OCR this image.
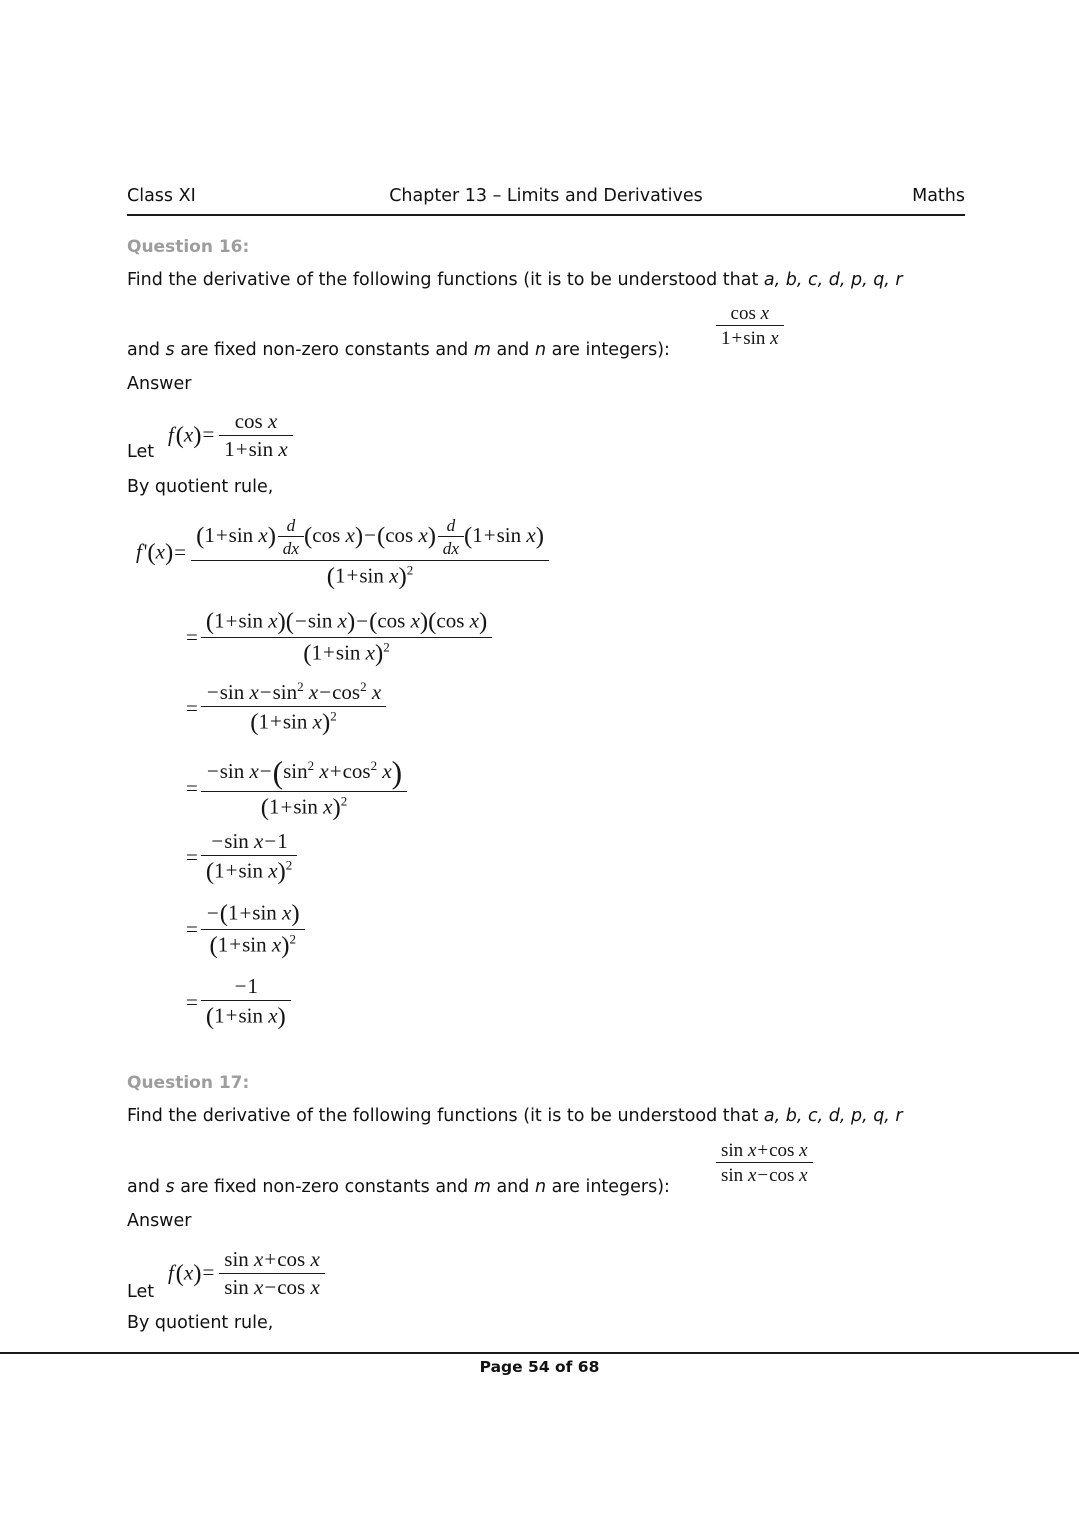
Class XI	Chapter 13 – Limits and Derivatives	Maths
Question 16:
Find the derivative of the following functions (it is to be understood that a, b, c, d, p, q, r
and s are fixed non-zero constants and m and n are integers):
$\frac{\text{cos x}}{\text{1+sin x}}$
Answer
Let
f $(x)= \frac{\text{cos x}}{\text{1+sin x}}$
By quotient rule,
f '$(x)= \frac{(1+\sin x) \frac{d}{dx} (\cos x)-(\cos x) \frac{d}{dx} (1+\sin x)}{(1+\sin x)^2}$
= $\frac{\text{(1+sin x)(−sin x)−(cos x)(cos x)}}{(1+\sin x)^2}$
= $\frac{-\sin x-\sin^2 x-\cos^2 x}{(1+\sin x)^2}$
= $\frac{-\sin x-(\sin^2 x+\cos^2 x)}{(1+\sin x)^2}$
= $\frac{\text{−sin x−1}}{(1+\sin x)^2}$
= $\frac{\text{−(1+sin x)}}{(1+\sin x)^2}$
= $\frac{-1}{\text{(1+sin x)}}$
Question 17:
Find the derivative of the following functions (it is to be understood that a, b, c, d, p, q, r
and s are fixed non-zero constants and m and n are integers):
$\frac{\text{sin x+cos x}}{\text{sin x−cos x}}$
Answer
Let
f $(x)= \frac{\text{sin x+cos x}}{\text{sin x−cos x}}$
By quotient rule,
Page 54 of 68
